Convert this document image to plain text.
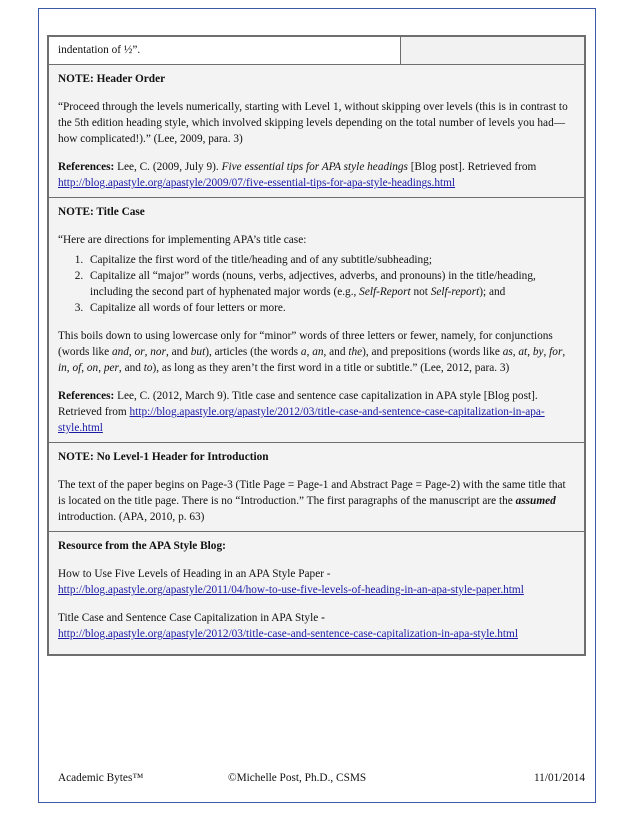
indentation of ½”.

NOTE: Header Order

“Proceed through the levels numerically, starting with Level 1, without skipping over levels (this is in contrast to the 5th edition heading style, which involved skipping levels depending on the total number of levels you had—how complicated!).” (Lee, 2009, para. 3)

References: Lee, C. (2009, July 9). Five essential tips for APA style headings [Blog post]. Retrieved from http://blog.apastyle.org/apastyle/2009/07/five-essential-tips-for-apa-style-headings.html

NOTE: Title Case

“Here are directions for implementing APA’s title case:

1. Capitalize the first word of the title/heading and of any subtitle/subheading;
2. Capitalize all “major” words (nouns, verbs, adjectives, adverbs, and pronouns) in the title/heading, including the second part of hyphenated major words (e.g., Self-Report not Self-report); and
3. Capitalize all words of four letters or more.

This boils down to using lowercase only for “minor” words of three letters or fewer, namely, for conjunctions (words like and, or, nor, and but), articles (the words a, an, and the), and prepositions (words like as, at, by, for, in, of, on, per, and to), as long as they aren’t the first word in a title or subtitle.” (Lee, 2012, para. 3)

References: Lee, C. (2012, March 9). Title case and sentence case capitalization in APA style [Blog post]. Retrieved from http://blog.apastyle.org/apastyle/2012/03/title-case-and-sentence-case-capitalization-in-apa-style.html

NOTE: No Level-1 Header for Introduction

The text of the paper begins on Page-3 (Title Page = Page-1 and Abstract Page = Page-2) with the same title that is located on the title page. There is no “Introduction.” The first paragraphs of the manuscript are the assumed introduction. (APA, 2010, p. 63)

Resource from the APA Style Blog:

How to Use Five Levels of Heading in an APA Style Paper -

http://blog.apastyle.org/apastyle/2011/04/how-to-use-five-levels-of-heading-in-an-apa-style-paper.html

Title Case and Sentence Case Capitalization in APA Style -

http://blog.apastyle.org/apastyle/2012/03/title-case-and-sentence-case-capitalization-in-apa-style.html

Academic Bytes™	©Michelle Post, Ph.D., CSMS	11/01/2014
